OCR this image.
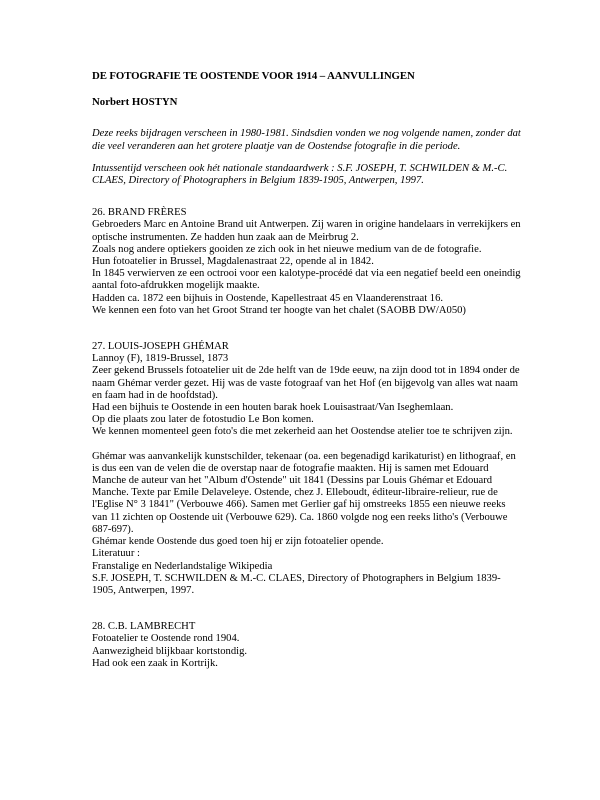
DE FOTOGRAFIE TE OOSTENDE VOOR 1914 – AANVULLINGEN

Norbert HOSTYN

Deze reeks bijdragen verscheen in 1980-1981. Sindsdien vonden we nog volgende namen, zonder dat die veel veranderen aan het grotere plaatje van de Oostendse fotografie in die periode.

Intussentijd verscheen ook hét nationale standaardwerk : S.F. JOSEPH, T. SCHWILDEN & M.-C. CLAES, Directory of Photographers in Belgium 1839-1905, Antwerpen, 1997.

26. BRAND FRÈRES

Gebroeders Marc en Antoine Brand uit Antwerpen. Zij waren in origine handelaars in verrekijkers en optische instrumenten. Ze hadden hun zaak aan de Meirbrug 2.

Zoals nog andere optiekers gooiden ze zich ook in het nieuwe medium van de de fotografie.

Hun fotoatelier in Brussel, Magdalenastraat 22, opende al in 1842.

In 1845 verwierven ze een octrooi voor een kalotype-procédé dat via een negatief beeld een oneindig aantal foto-afdrukken mogelijk maakte.

Hadden ca. 1872 een bijhuis in Oostende, Kapellestraat 45 en Vlaanderenstraat 16.

We kennen een foto van het Groot Strand ter hoogte van het chalet (SAOBB DW/A050)

27. LOUIS-JOSEPH GHÉMAR

Lannoy (F), 1819-Brussel, 1873

Zeer gekend Brussels fotoatelier uit de 2de helft van de 19de eeuw, na zijn dood tot in 1894 onder de naam Ghémar verder gezet. Hij was de vaste fotograaf van het Hof (en bijgevolg van alles wat naam en faam had in de hoofdstad).

Had een bijhuis te Oostende in een houten barak hoek Louisastraat/Van Iseghemlaan.

Op die plaats zou later de fotostudio Le Bon komen.

We kennen momenteel geen foto's die met zekerheid aan het Oostendse atelier toe te schrijven zijn.

Ghémar was aanvankelijk kunstschilder, tekenaar (oa. een begenadigd karikaturist) en lithograaf, en is dus een van de velen die de overstap naar de fotografie maakten. Hij is samen met Edouard Manche de auteur van het "Album d'Ostende" uit 1841 (Dessins par Louis Ghémar et Edouard Manche. Texte par Emile Delaveleye. Ostende, chez J. Elleboudt, éditeur-libraire-relieur, rue de l'Eglise N° 3 1841" (Verbouwe 466). Samen met Gerlier gaf hij omstreeks 1855 een nieuwe reeks van 11 zichten op Oostende uit (Verbouwe 629). Ca. 1860 volgde nog een reeks litho's (Verbouwe 687-697).

Ghémar kende Oostende dus goed toen hij er zijn fotoatelier opende.

Literatuur :

Franstalige en Nederlandstalige Wikipedia

S.F. JOSEPH, T. SCHWILDEN & M.-C. CLAES, Directory of Photographers in Belgium 1839-1905, Antwerpen, 1997.

28. C.B. LAMBRECHT

Fotoatelier te Oostende rond 1904.

Aanwezigheid blijkbaar kortstondig.

Had ook een zaak in Kortrijk.
